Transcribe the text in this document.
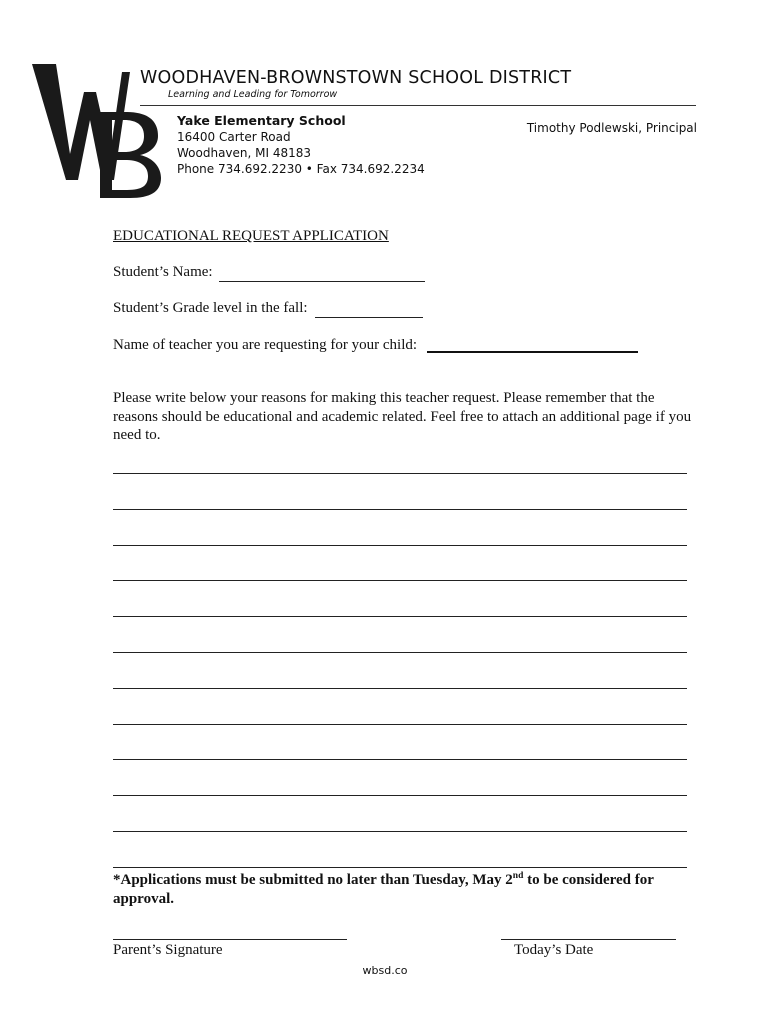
WOODHAVEN-BROWNSTOWN SCHOOL DISTRICT
Learning and Leading for Tomorrow
Yake Elementary School
16400 Carter Road
Woodhaven, MI 48183
Phone 734.692.2230 • Fax 734.692.2234
Timothy Podlewski, Principal
EDUCATIONAL REQUEST APPLICATION
Student’s Name:
Student’s Grade level in the fall:
Name of teacher you are requesting for your child:
Please write below your reasons for making this teacher request. Please remember that the reasons should be educational and academic related. Feel free to attach an additional page if you need to.
*Applications must be submitted no later than Tuesday, May 2nd to be considered for approval.
Parent’s Signature	Today’s Date
wbsd.co
